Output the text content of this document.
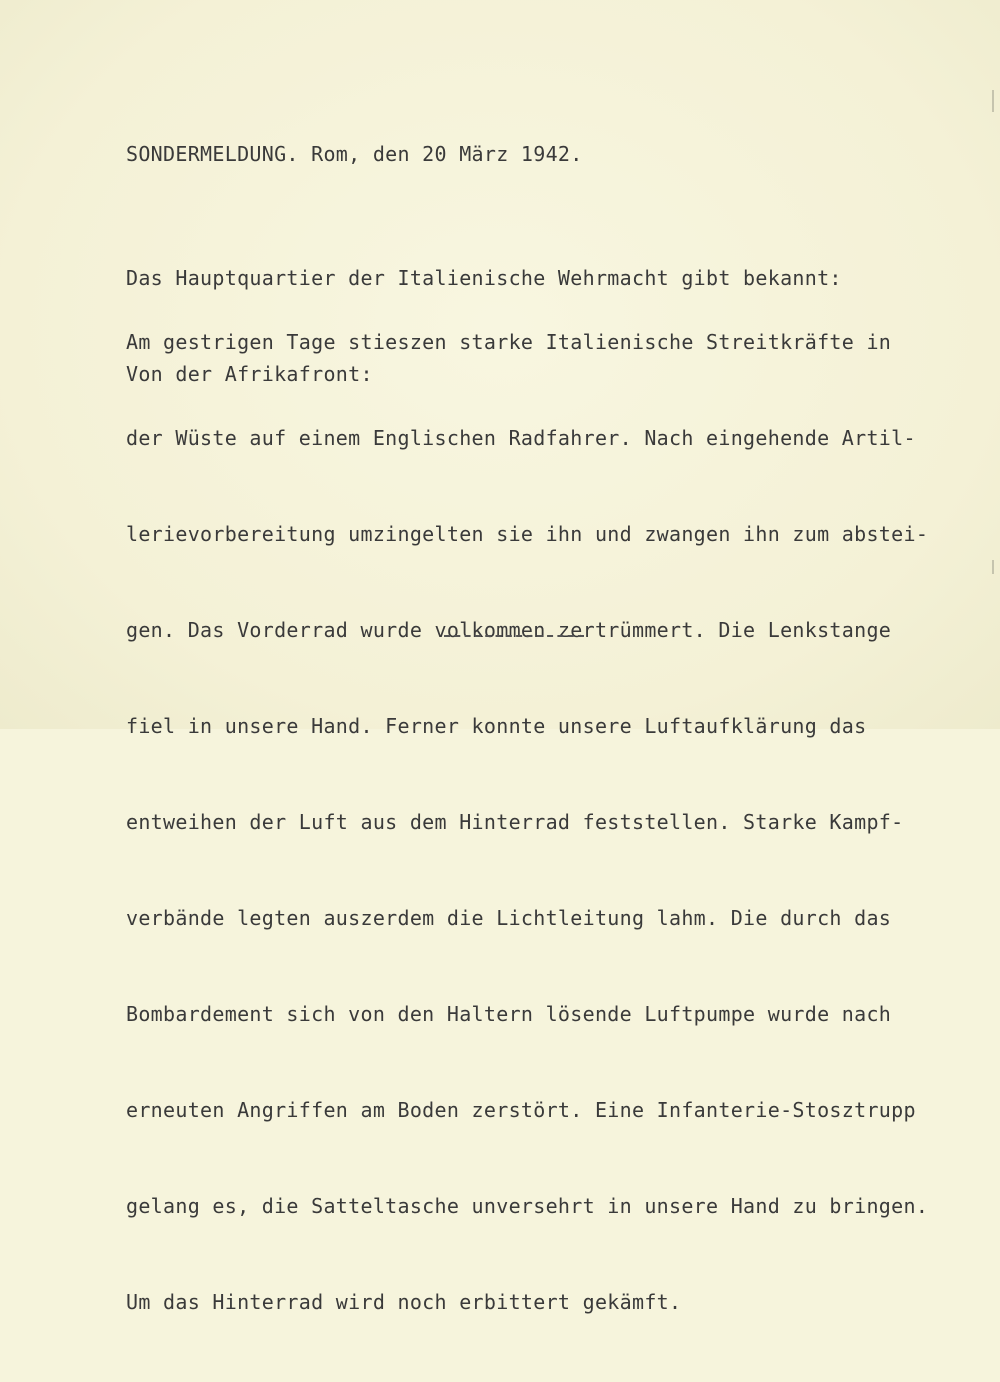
SONDERMELDUNG. Rom, den 20 März 1942.

Das Hauptquartier der Italienische Wehrmacht gibt bekannt:

Von der Afrikafront:

Am gestrigen Tage stieszen starke Italienische Streitkräfte in

der Wüste auf einem Englischen Radfahrer. Nach eingehende Artil-

lerievorbereitung umzingelten sie ihn und zwangen ihn zum abstei-

gen. Das Vorderrad wurde volkommen zertrümmert. Die Lenkstange

fiel in unsere Hand. Ferner konnte unsere Luftaufklärung das

entweihen der Luft aus dem Hinterrad feststellen. Starke Kampf-

verbände legten auszerdem die Lichtleitung lahm. Die durch das

Bombardement sich von den Haltern lösende Luftpumpe wurde nach

erneuten Angriffen am Boden zerstört. Eine Infanterie-Stosztrupp

gelang es, die Satteltasche unversehrt in unsere Hand zu bringen.

Um das Hinterrad wird noch erbittert gekämft.
